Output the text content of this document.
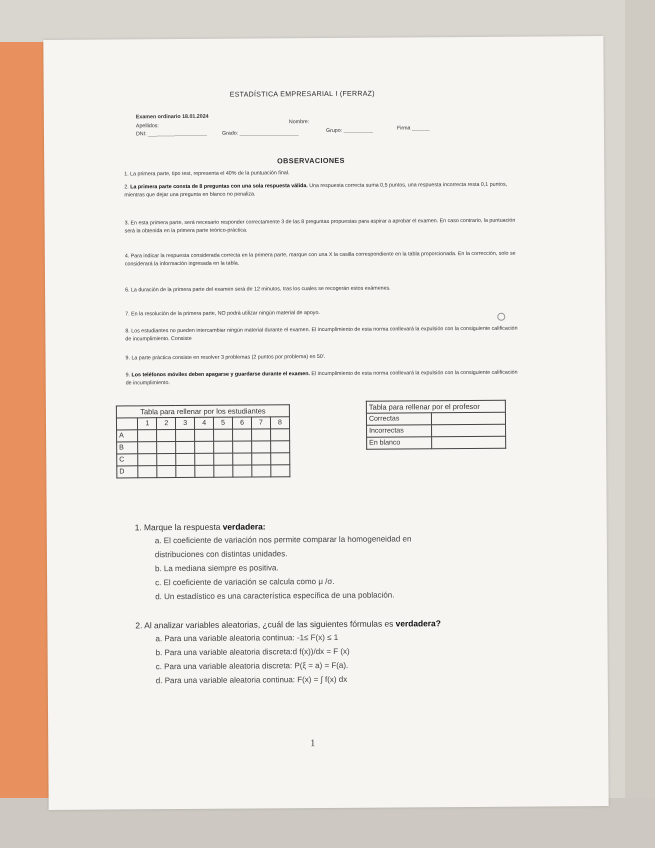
ESTADÍSTICA EMPRESARIAL I (FERRAZ)
Examen ordinario 18.01.2024
Apellidos:
Nombre:
DNI: ____________________	Grado: ____________________	Grupo: __________	Firma ______
OBSERVACIONES
1. La primera parte, tipo test, representa el 40% de la puntuación final.
2. La primera parte consta de 8 preguntas con una sola respuesta válida. Una respuesta correcta suma 0,5 puntos, una respuesta incorrecta resta 0,1 puntos, mientras que dejar una pregunta en blanco no penaliza.
3. En esta primera parte, será necesario responder correctamente 3 de las 8 preguntas propuestas para aspirar a aprobar el examen. En caso contrario, la puntuación será la obtenida en la primera parte teórico-práctica.
4. Para indicar la respuesta considerada correcta en la primera parte, marque con una X la casilla correspondiente en la tabla proporcionada. En la corrección, solo se considerará la información ingresada en la tabla.
6. La duración de la primera parte del examen será de 12 minutos, tras los cuales se recogerán estos exámenes.
7. En la resolución de la primera parte, NO podrá utilizar ningún material de apoyo.
8. Los estudiantes no pueden intercambiar ningún material durante el examen. El incumplimiento de esta norma conllevará la expulsión con la consiguiente calificación de incumplimiento. Consiste
9. La parte práctica consiste en resolver 3 problemas (2 puntos por problema) en 50'.
9. Los teléfonos móviles deben apagarse y guardarse durante el examen. El incumplimiento de esta norma conllevará la expulsión con la consiguiente calificación de incumplimiento.
Tabla para rellenar por los estudiantes								
	1	2	3	4	5	6	7	8
A								
B								
C								
D								
Tabla para rellenar por el profesor	
Correctas	
Incorrectas	
En blanco	
1. Marque la respuesta verdadera:
a. El coeficiente de variación nos permite comparar la homogeneidad en
distribuciones con distintas unidades.
b. La mediana siempre es positiva.
c. El coeficiente de variación se calcula como μ /σ.
d. Un estadístico es una característica específica de una población.
2. Al analizar variables aleatorias, ¿cuál de las siguientes fórmulas es verdadera?
a. Para una variable aleatoria continua: -1≤ F(x) ≤ 1
b. Para una variable aleatoria discreta:d f(x))/dx = F (x)
c. Para una variable aleatoria discreta: P(ξ = a) = F(a).
d. Para una variable aleatoria continua: F(x) = ∫ f(x) dx
1
